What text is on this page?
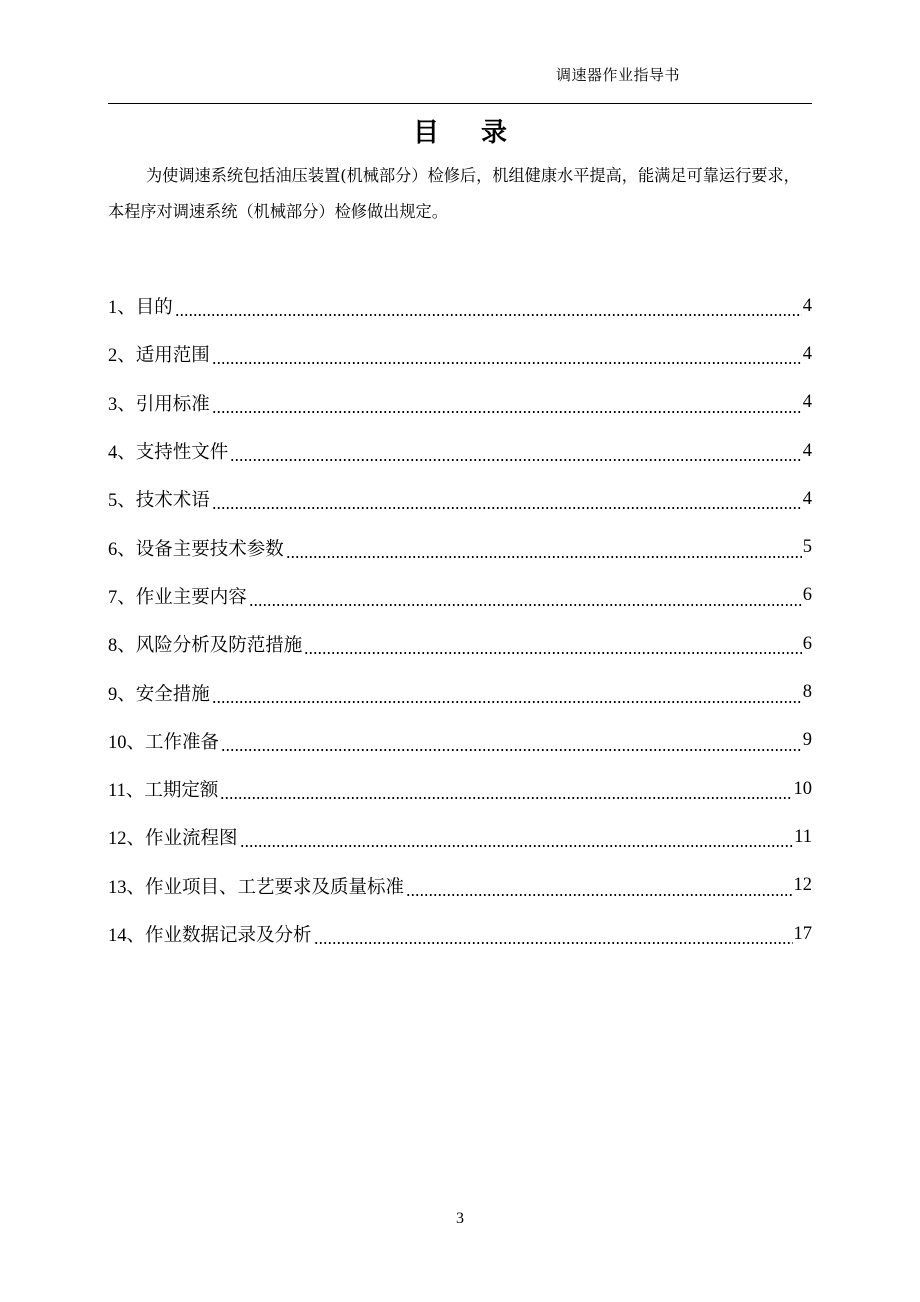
调速器作业指导书
目录

为使调速系统包括油压装置(机械部分）检修后，机组健康水平提高，能满足可靠运行要求，本程序对调速系统（机械部分）检修做出规定。

1、 目的	4
2、 适用范围	4
3、 引用标准	4
4、 支持性文件	4
5、 技术术语	4
6、 设备主要技术参数	5
7、 作业主要内容	6
8、 风险分析及防范措施	6
9、 安全措施	8
10、 工作准备	9
11、 工期定额	10
12、 作业流程图	11
13、 作业项目、工艺要求及质量标准	12
14、 作业数据记录及分析	17
3
